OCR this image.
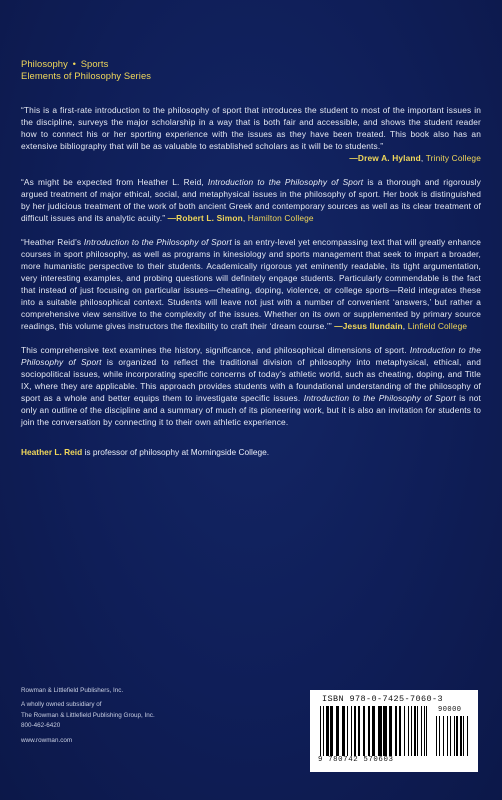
Philosophy • Sports
Elements of Philosophy Series
“This is a first-rate introduction to the philosophy of sport that introduces the student to most of the important issues in the discipline, surveys the major scholarship in a way that is both fair and accessible, and shows the student reader how to connect his or her sporting experience with the issues as they have been treated. This book also has an extensive bibliography that will be as valuable to established scholars as it will be to students.”
—Drew A. Hyland, Trinity College
“As might be expected from Heather L. Reid, Introduction to the Philosophy of Sport is a thorough and rigorously argued treatment of major ethical, social, and metaphysical issues in the philosophy of sport. Her book is distinguished by her judicious treatment of the work of both ancient Greek and contemporary sources as well as its clear treatment of difficult issues and its analytic acuity.” —Robert L. Simon, Hamilton College
“Heather Reid’s Introduction to the Philosophy of Sport is an entry-level yet encompassing text that will greatly enhance courses in sport philosophy, as well as programs in kinesiology and sports management that seek to impart a broader, more humanistic perspective to their students. Academically rigorous yet eminently readable, its tight argumentation, very interesting examples, and probing questions will definitely engage students. Particularly commendable is the fact that instead of just focusing on particular issues—cheating, doping, violence, or college sports—Reid integrates these into a suitable philosophical context. Students will leave not just with a number of convenient ‘answers,’ but rather a comprehensive view sensitive to the complexity of the issues. Whether on its own or supplemented by primary source readings, this volume gives instructors the flexibility to craft their ‘dream course.’” —Jesus Ilundain, Linfield College
This comprehensive text examines the history, significance, and philosophical dimensions of sport. Introduction to the Philosophy of Sport is organized to reflect the traditional division of philosophy into metaphysical, ethical, and sociopolitical issues, while incorporating specific concerns of today’s athletic world, such as cheating, doping, and Title IX, where they are applicable. This approach provides students with a foundational understanding of the philosophy of sport as a whole and better equips them to investigate specific issues. Introduction to the Philosophy of Sport is not only an outline of the discipline and a summary of much of its pioneering work, but it is also an invitation for students to join the conversation by connecting it to their own athletic experience.
Heather L. Reid is professor of philosophy at Morningside College.
Rowman & Littlefield Publishers, Inc.
A wholly owned subsidiary of
The Rowman & Littlefield Publishing Group, Inc.
800-462-6420
www.rowman.com
ISBN 978-0-7425-7060-3
90000
9 780742 570603
